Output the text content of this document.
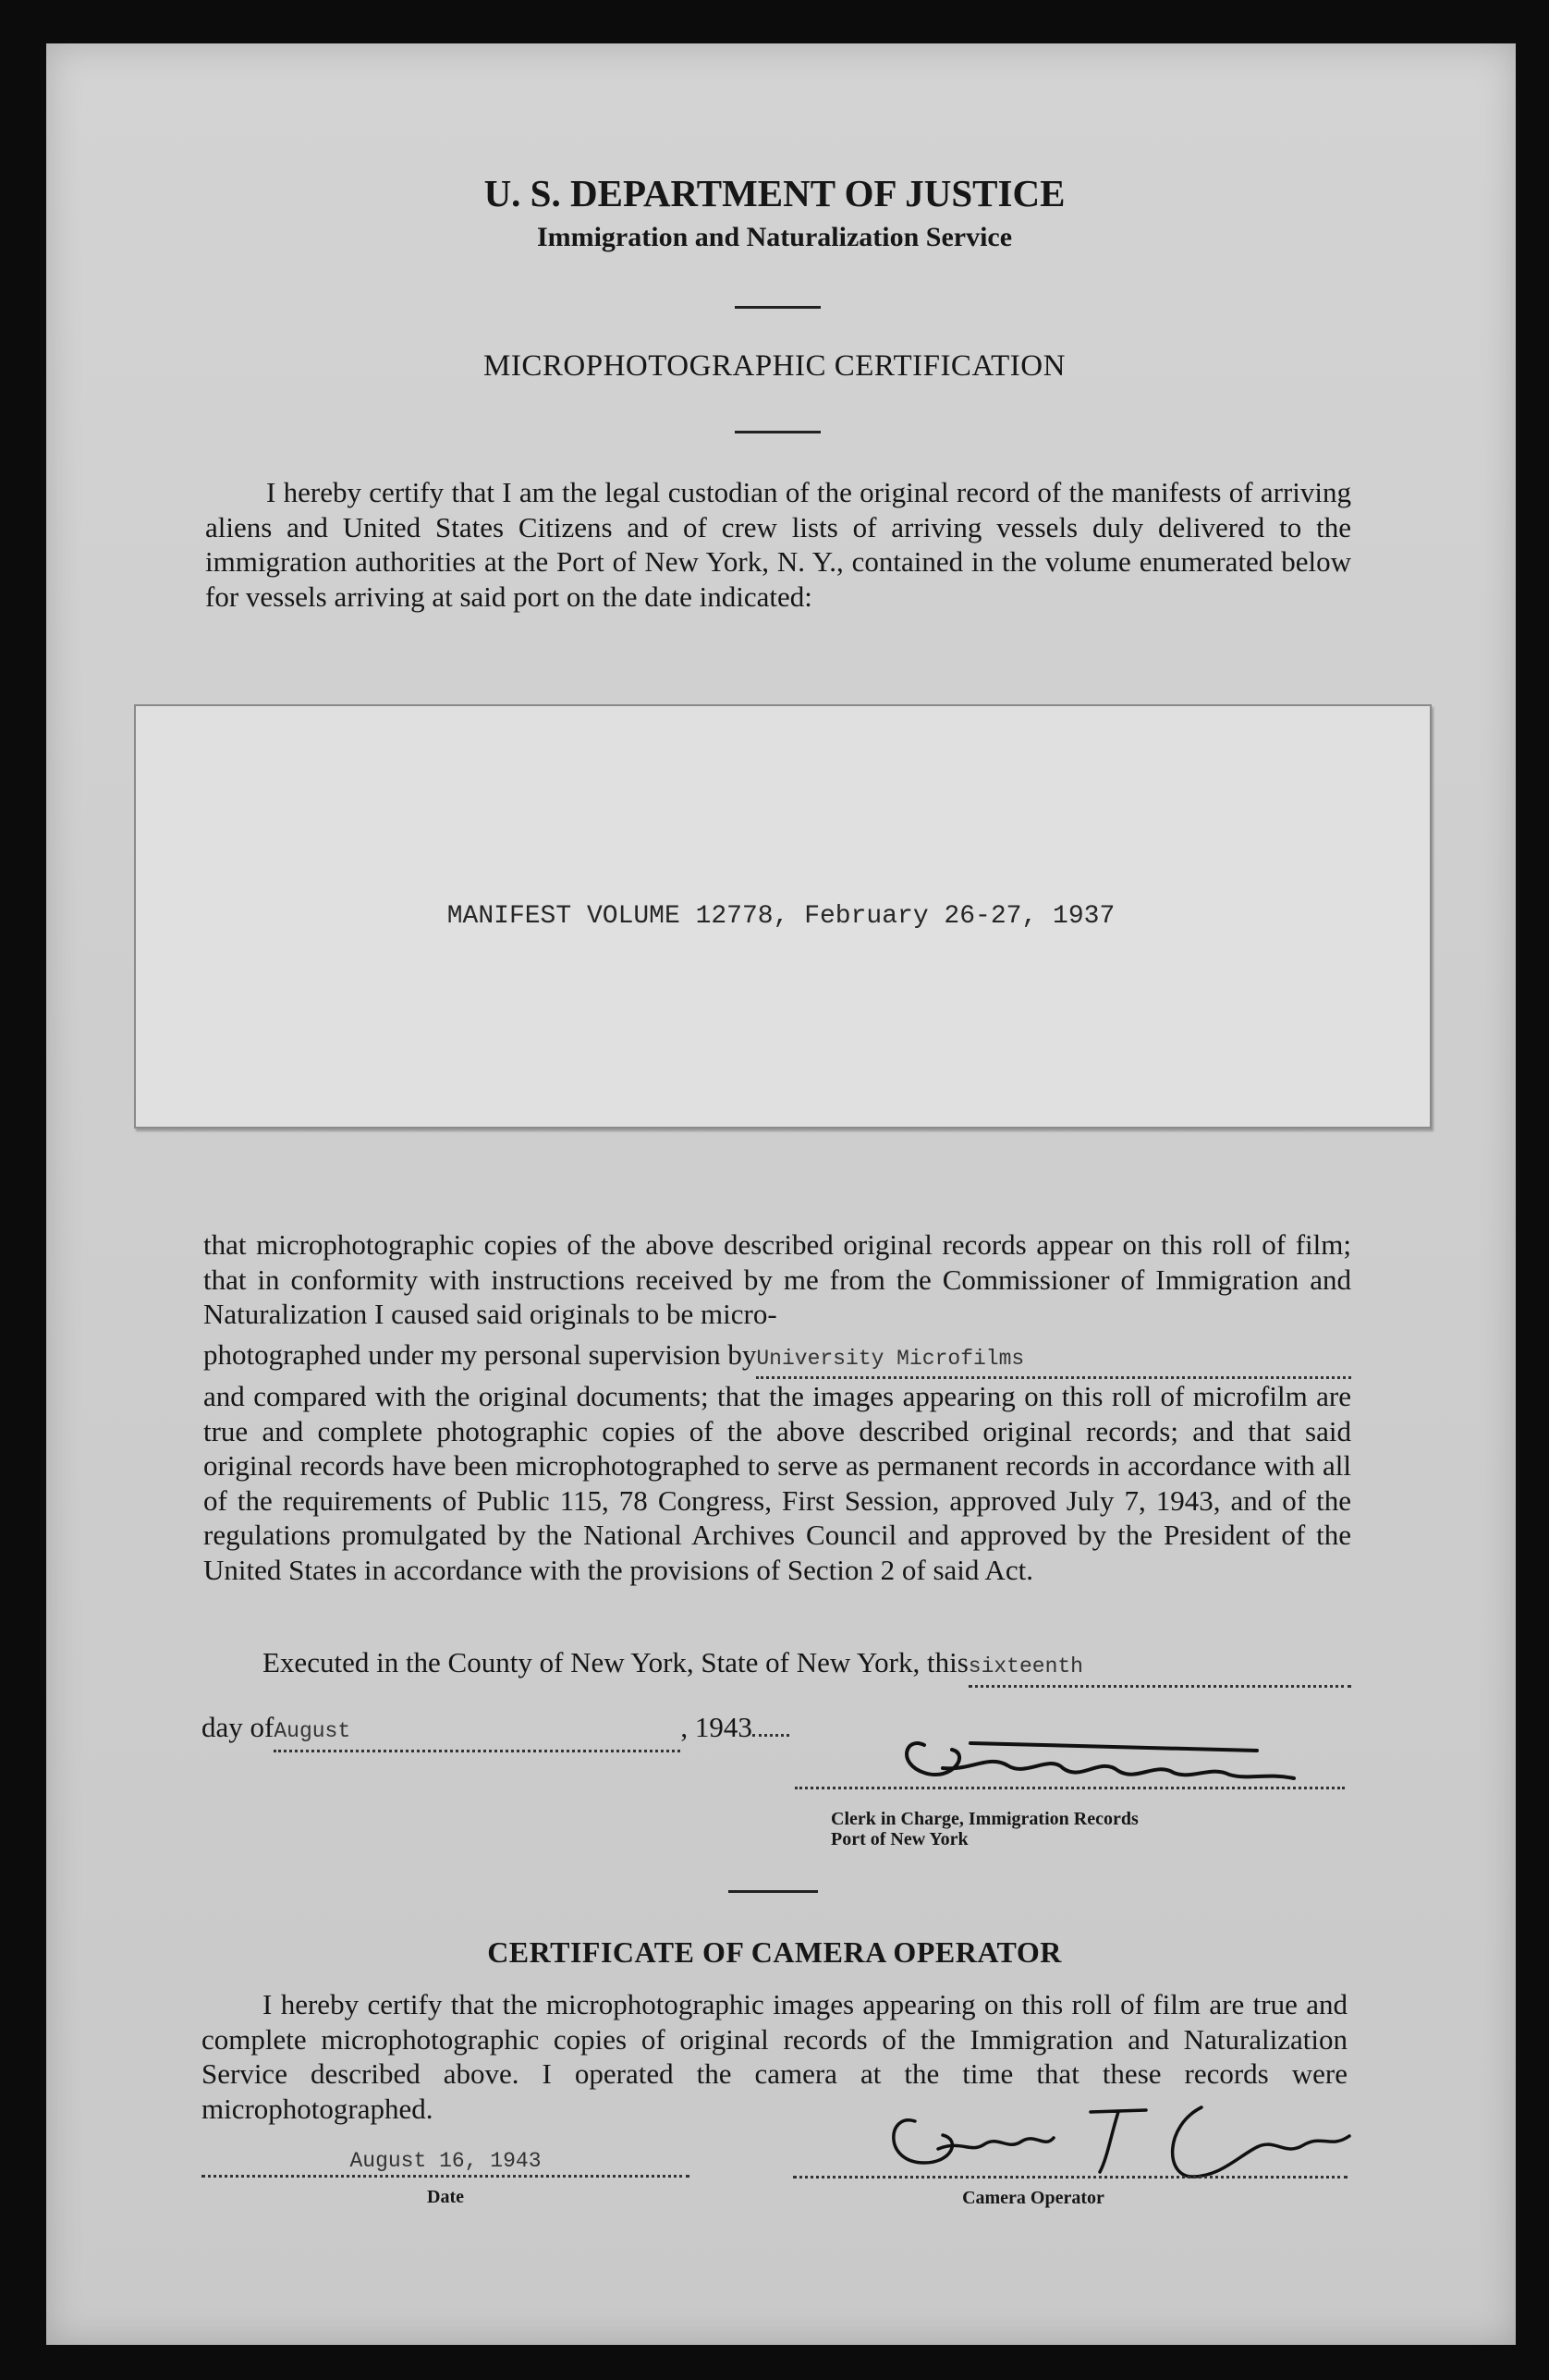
U. S. DEPARTMENT OF JUSTICE
Immigration and Naturalization Service
MICROPHOTOGRAPHIC CERTIFICATION

I hereby certify that I am the legal custodian of the original record of the manifests of arriving aliens and United States Citizens and of crew lists of arriving vessels duly delivered to the immigration authorities at the Port of New York, N. Y., contained in the volume enumerated below for vessels arriving at said port on the date indicated:

MANIFEST VOLUME 12778, February 26-27, 1937

that microphotographic copies of the above described original records appear on this roll of film; that in conformity with instructions received by me from the Commissioner of Immigration and Naturalization I caused said originals to be micro-

photographed under my personal supervision by University Microfilms

and compared with the original documents; that the images appearing on this roll of microfilm are true and complete photographic copies of the above described original records; and that said original records have been microphotographed to serve as permanent records in accordance with all of the requirements of Public 115, 78 Congress, First Session, approved July 7, 1943, and of the regulations promulgated by the National Archives Council and approved by the President of the United States in accordance with the provisions of Section 2 of said Act.

Executed in the County of New York, State of New York, this sixteenth
day of August	, 1943
Clerk in Charge, Immigration Records
Port of New York
CERTIFICATE OF CAMERA OPERATOR

I hereby certify that the microphotographic images appearing on this roll of film are true and complete microphotographic copies of original records of the Immigration and Naturalization Service described above. I operated the camera at the time that these records were microphotographed.

August 16, 1943
Date	Camera Operator
